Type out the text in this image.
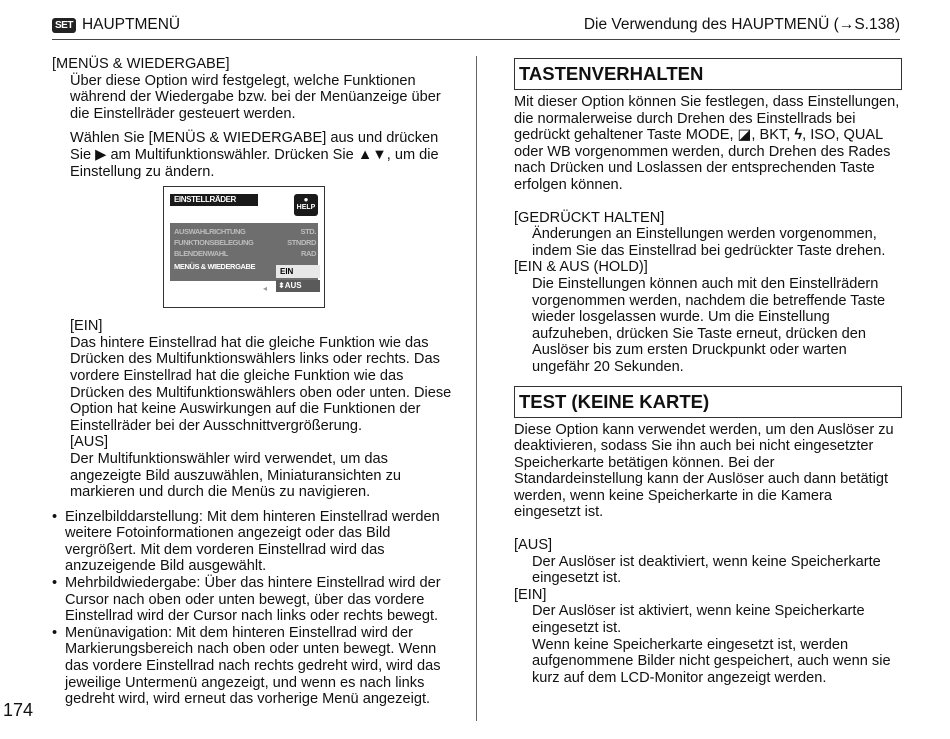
SET HAUPTMENÜ	Die Verwendung des HAUPTMENÜ (→S.138)

[MENÜS & WIEDERGABE]

Über diese Option wird festgelegt, welche Funktionen während der Wiedergabe bzw. bei der Menüanzeige über die Einstellräder gesteuert werden.

Wählen Sie [MENÜS & WIEDERGABE] aus und drücken Sie ▶ am Multifunktionswähler. Drücken Sie ▲▼, um die Einstellung zu ändern.

EINSTELLRÄDER	●
HELP
AUSWAHLRICHTUNG	STD.
FUNKTIONSBELEGUNG	STNDRD
BLENDENWAHL	RAD
MENÜS & WIEDERGABE
EIN
◂ ⬍AUS

[EIN]

Das hintere Einstellrad hat die gleiche Funktion wie das Drücken des Multifunktionswählers links oder rechts. Das vordere Einstellrad hat die gleiche Funktion wie das Drücken des Multifunktionswählers oben oder unten. Diese Option hat keine Auswirkungen auf die Funktionen der Einstellräder bei der Ausschnittvergrößerung.

[AUS]

Der Multifunktionswähler wird verwendet, um das angezeigte Bild auszuwählen, Miniaturansichten zu markieren und durch die Menüs zu navigieren.

• Einzelbilddarstellung: Mit dem hinteren Einstellrad werden weitere Fotoinformationen angezeigt oder das Bild vergrößert. Mit dem vorderen Einstellrad wird das anzuzeigende Bild ausgewählt.
• Mehrbildwiedergabe: Über das hintere Einstellrad wird der Cursor nach oben oder unten bewegt, über das vordere Einstellrad wird der Cursor nach links oder rechts bewegt.
• Menünavigation: Mit dem hinteren Einstellrad wird der Markierungsbereich nach oben oder unten bewegt. Wenn das vordere Einstellrad nach rechts gedreht wird, wird das jeweilige Untermenü angezeigt, und wenn es nach links gedreht wird, wird erneut das vorherige Menü angezeigt.
174
TASTENVERHALTEN

Mit dieser Option können Sie festlegen, dass Einstellungen, die normalerweise durch Drehen des Einstellrads bei gedrückt gehaltener Taste MODE, ◪, BKT, ϟ, ISO, QUAL oder WB vorgenommen werden, durch Drehen des Rades nach Drücken und Loslassen der entsprechenden Taste erfolgen können.

[GEDRÜCKT HALTEN]

Änderungen an Einstellungen werden vorgenommen, indem Sie das Einstellrad bei gedrückter Taste drehen.

[EIN & AUS (HOLD)]

Die Einstellungen können auch mit den Einstellrädern vorgenommen werden, nachdem die betreffende Taste wieder losgelassen wurde. Um die Einstellung aufzuheben, drücken Sie Taste erneut, drücken den Auslöser bis zum ersten Druckpunkt oder warten ungefähr 20 Sekunden.

TEST (KEINE KARTE)

Diese Option kann verwendet werden, um den Auslöser zu deaktivieren, sodass Sie ihn auch bei nicht eingesetzter Speicherkarte betätigen können. Bei der Standardeinstellung kann der Auslöser auch dann betätigt werden, wenn keine Speicherkarte in die Kamera eingesetzt ist.

[AUS]

Der Auslöser ist deaktiviert, wenn keine Speicherkarte eingesetzt ist.

[EIN]

Der Auslöser ist aktiviert, wenn keine Speicherkarte eingesetzt ist.

Wenn keine Speicherkarte eingesetzt ist, werden aufgenommene Bilder nicht gespeichert, auch wenn sie kurz auf dem LCD-Monitor angezeigt werden.
